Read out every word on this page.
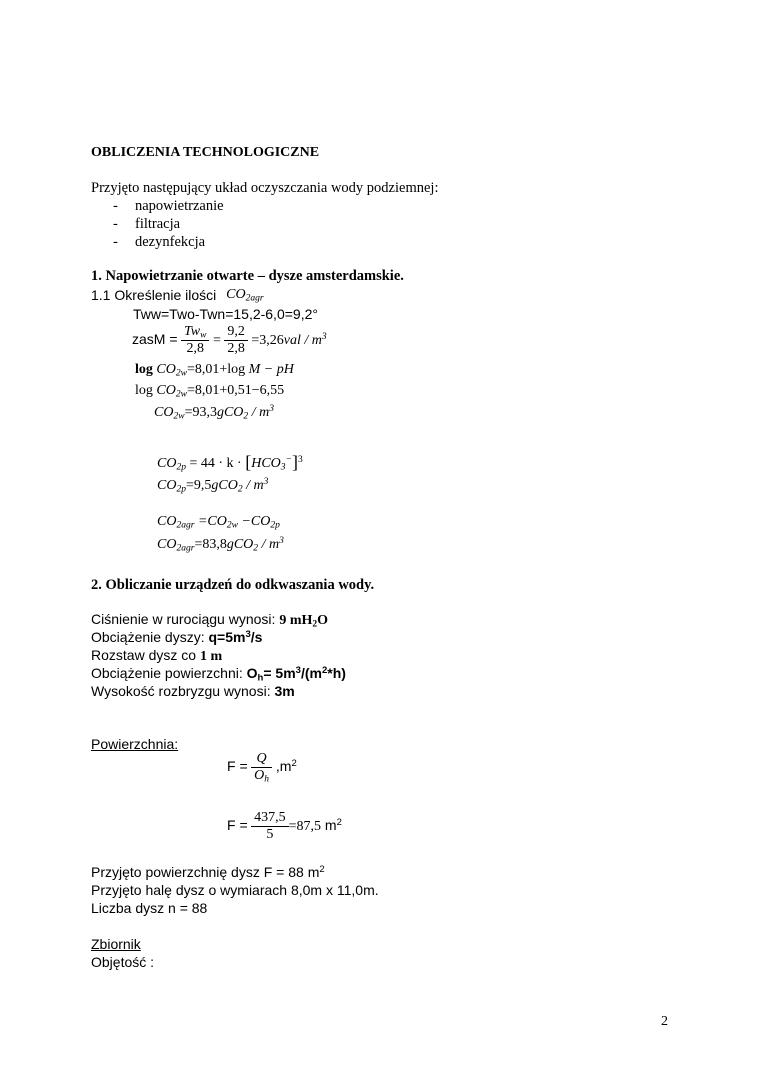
OBLICZENIA TECHNOLOGICZNE
Przyjęto następujący układ oczyszczania wody podziemnej:
- napowietrzanie
- filtracja
- dezynfekcja
1. Napowietrzanie otwarte – dysze amsterdamskie.
1.1 Określenie ilości $CO_{2agr}$
Tww=Two-Twn=15,2-6,0=9,2°
zasM = $\frac{Tw_w}{2,8} = \frac{9,2}{2,8} =3,26val / m^3$
$\log CO_{2w}=8,01+\log$ M − pH
$\log CO_{2w}=8,01+0,51-6,55$
$CO_{2w}=93,3gCO_2 / m^3$
$CO_{2p} = 44 \cdot k \cdot [HCO_3^-]^3$
$CO_{2p}=9,5gCO_2 / m^3$
$CO_{2agr} =CO_{2w} -CO_{2p}$
$CO_{2agr}=83,8gCO_2 / m^3$
2. Obliczanie urządzeń do odkwaszania wody.
Ciśnienie w rurociągu wynosi: 9 $mH_2O$
Obciążenie dyszy: $q=5m^3/s$
Rozstaw dysz co 1 m
Obciążenie powierzchni: $O_h= 5m^3/(m^2*h)$
Wysokość rozbryzgu wynosi: 3m
Powierzchnia:
$F = \frac{Q}{O_h} ,m^2$
$F = \frac{437,5}{5} =87,5$ $m^2$
Przyjęto powierzchnię dysz F = 88 $m^2$
Przyjęto halę dysz o wymiarach 8,0m x 11,0m.
Liczba dysz n = 88
Zbiornik
Objętość :
2
